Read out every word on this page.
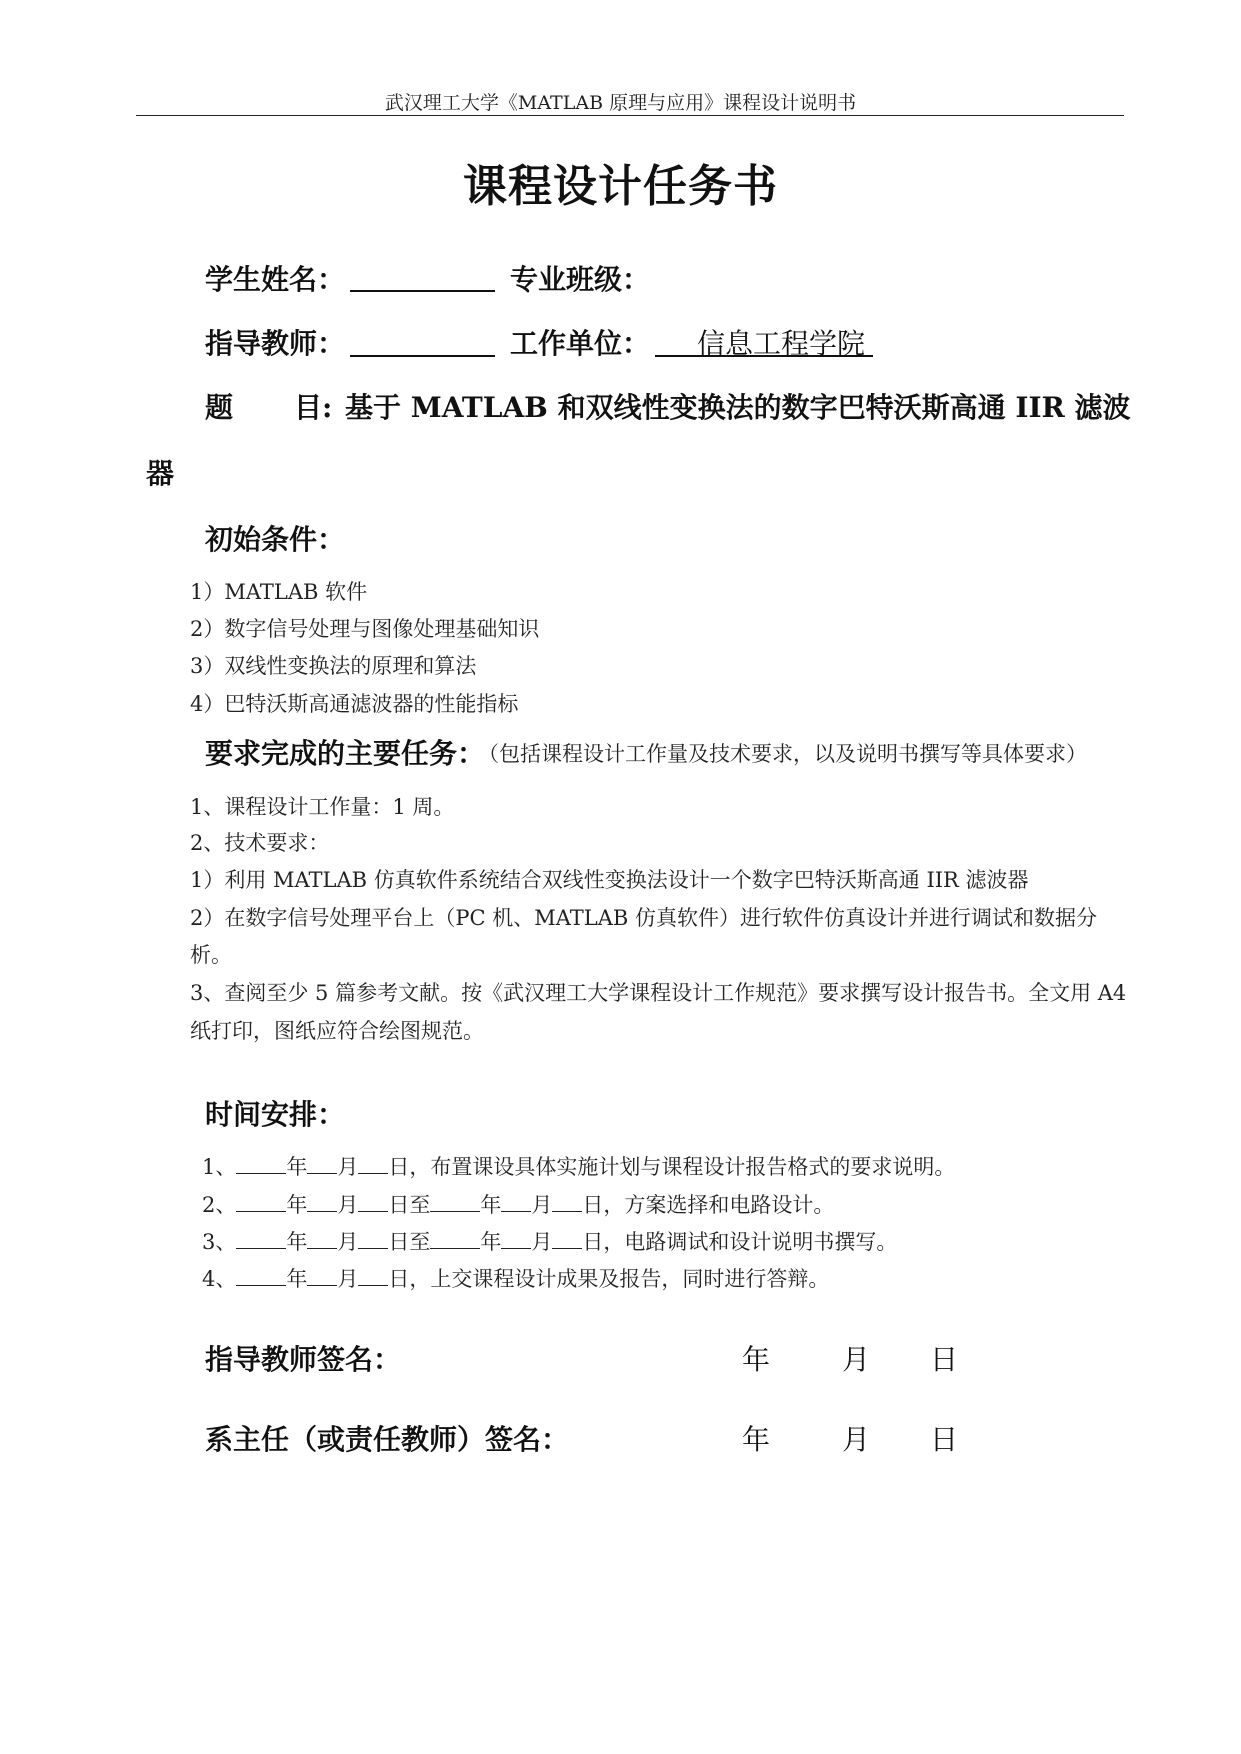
武汉理工大学《MATLAB 原理与应用》课程设计说明书
课程设计任务书
学生姓名：	专业班级：
指导教师：	工作单位： 信息工程学院
题 目: 基于 MATLAB 和双线性变换法的数字巴特沃斯高通 IIR 滤波
器
初始条件：
1）MATLAB 软件
2）数字信号处理与图像处理基础知识
3）双线性变换法的原理和算法
4）巴特沃斯高通滤波器的性能指标
要求完成的主要任务：
（包括课程设计工作量及技术要求，以及说明书撰写等具体要求）
1、课程设计工作量：1 周。
2、技术要求：
1）利用 MATLAB 仿真软件系统结合双线性变换法设计一个数字巴特沃斯高通 IIR 滤波器
2）在数字信号处理平台上（PC 机、MATLAB 仿真软件）进行软件仿真设计并进行调试和数据分
析。
3、查阅至少 5 篇参考文献。按《武汉理工大学课程设计工作规范》要求撰写设计报告书。全文用 A4
纸打印，图纸应符合绘图规范。
时间安排：
1、 年 月 日，布置课设具体实施计划与课程设计报告格式的要求说明。
2、 年 月 日至 年 月 日，方案选择和电路设计。
3、 年 月 日至 年 月 日，电路调试和设计说明书撰写。
4、 年 月 日，上交课程设计成果及报告，同时进行答辩。
指导教师签名：	年	月 日
系主任（或责任教师）签名：	年	月 日
